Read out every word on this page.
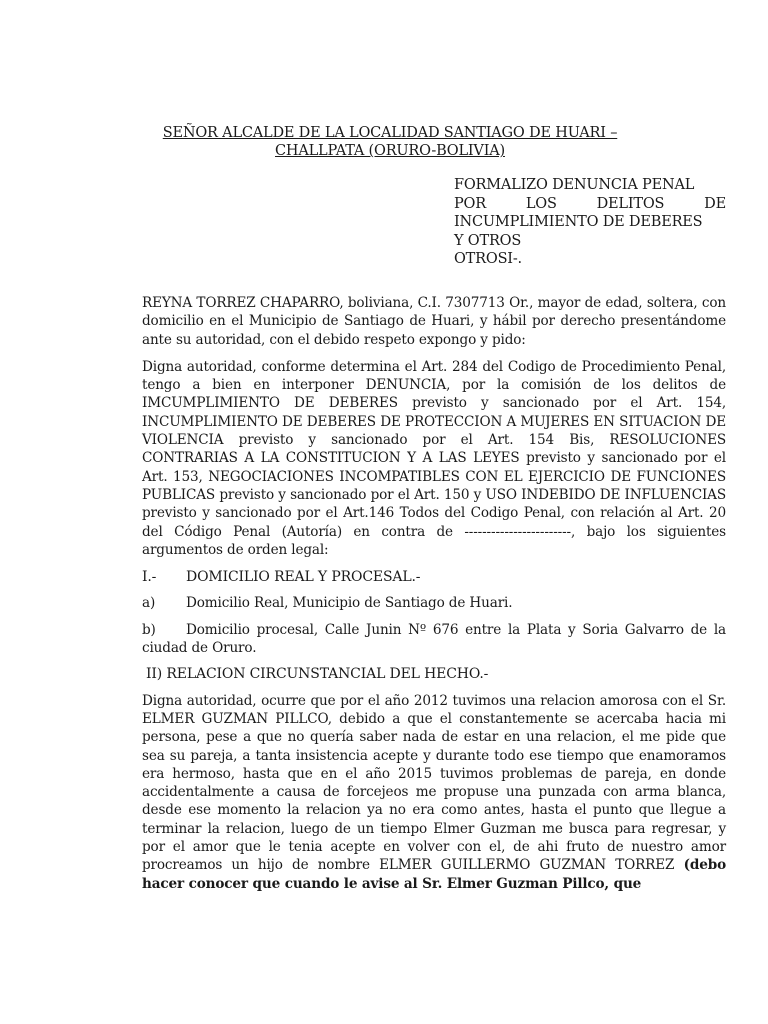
SEÑOR ALCALDE DE LA LOCALIDAD SANTIAGO DE HUARI –
CHALLPATA (ORURO-BOLIVIA)
FORMALIZO DENUNCIA PENAL
POR LOS DELITOS DE
INCUMPLIMIENTO DE DEBERES
Y OTROS
OTROSI-.

REYNA TORREZ CHAPARRO, boliviana, C.I. 7307713 Or., mayor de edad, soltera, con domicilio en el Municipio de Santiago de Huari, y hábil por derecho presentándome ante su autoridad, con el debido respeto expongo y pido:

Digna autoridad, conforme determina el Art. 284 del Codigo de Procedimiento Penal, tengo a bien en interponer DENUNCIA, por la comisión de los delitos de IMCUMPLIMIENTO DE DEBERES previsto y sancionado por el Art. 154, INCUMPLIMIENTO DE DEBERES DE PROTECCION A MUJERES EN SITUACION DE VIOLENCIA previsto y sancionado por el Art. 154 Bis, RESOLUCIONES CONTRARIAS A LA CONSTITUCION Y A LAS LEYES previsto y sancionado por el Art. 153, NEGOCIACIONES INCOMPATIBLES CON EL EJERCICIO DE FUNCIONES PUBLICAS previsto y sancionado por el Art. 150 y USO INDEBIDO DE INFLUENCIAS previsto y sancionado por el Art.146 Todos del Codigo Penal, con relación al Art. 20 del Código Penal (Autoría) en contra de ------------------------, bajo los siguientes argumentos de orden legal:

I.- DOMICILIO REAL Y PROCESAL.-
a) Domicilio Real, Municipio de Santiago de Huari.
b) Domicilio procesal, Calle Junin Nº 676 entre la Plata y Soria Galvarro de la ciudad de Oruro.
II) RELACION CIRCUNSTANCIAL DEL HECHO.-

Digna autoridad, ocurre que por el año 2012 tuvimos una relacion amorosa con el Sr. ELMER GUZMAN PILLCO, debido a que el constantemente se acercaba hacia mi persona, pese a que no quería saber nada de estar en una relacion, el me pide que sea su pareja, a tanta insistencia acepte y durante todo ese tiempo que enamoramos era hermoso, hasta que en el año 2015 tuvimos problemas de pareja, en donde accidentalmente a causa de forcejeos me propuse una punzada con arma blanca, desde ese momento la relacion ya no era como antes, hasta el punto que llegue a terminar la relacion, luego de un tiempo Elmer Guzman me busca para regresar, y por el amor que le tenia acepte en volver con el, de ahi fruto de nuestro amor procreamos un hijo de nombre ELMER GUILLERMO GUZMAN TORREZ (debo hacer conocer que cuando le avise al Sr. Elmer Guzman Pillco, que
